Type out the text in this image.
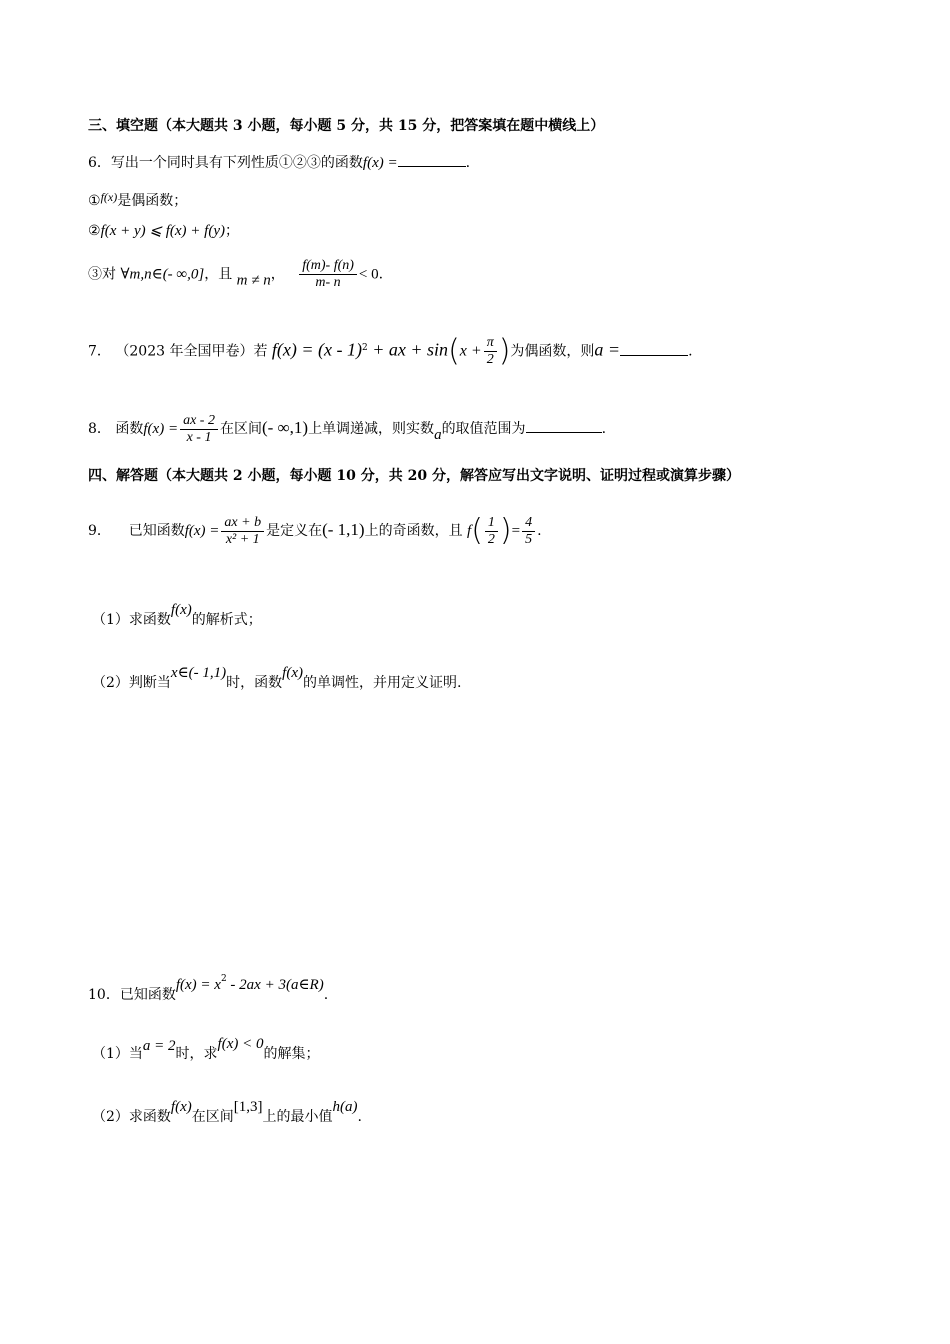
三、填空题（本大题共 3 小题，每小题 5 分，共 15 分，把答案填在题中横线上）
6．写出一个同时具有下列性质①②③的函数f(x) =	.
①f(x)是偶函数；
②f(x + y) ⩽ f(x) + f(y)；
③对 ∀m,n∈(- ∞,0]，且 m ≠ n， $\frac{f(m)- f(n)}{m- n} < 0$.
7． （2023 年全国甲卷）若 f(x) = (x - 1)$^2$ + ax + $\sin(x + \frac{\pi}{2}$ )为偶函数，则a =	.
8． 函数$f(x) = \frac{ax - 2}{x - 1}$ 在区间(- ∞,1)上单调递减，则实数a的取值范围为	.
四、解答题（本大题共 2 小题，每小题 10 分，共 20 分，解答应写出文字说明、证明过程或演算步骤）
9． 已知函数$f(x) = \frac{ax + b}{\text{x² + 1}}$ 是定义在(- 1,1)上的奇函数，且 $f( \frac{1}{2}$ )= $\frac{4}{5}$ .
（1）求函数f(x)的解析式；
（2）判断当x∈(- 1,1)时，函数f(x)的单调性，并用定义证明.
10．已知函数$f(x) = x^2 - 2ax$ + 3(a∈R).
（1）当a = 2时，求f(x) < 0的解集；
（2）求函数f(x)在区间[1,3]上的最小值h(a).
